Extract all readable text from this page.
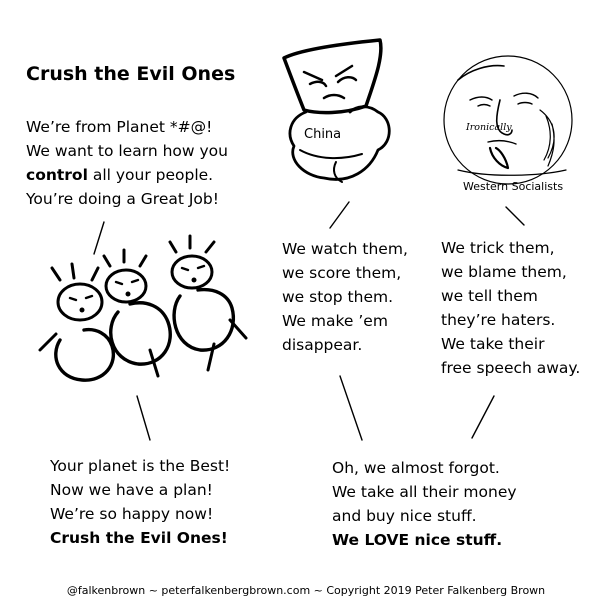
China	Ironically
Western Socialists
Crush the Evil Ones
We’re from Planet *#@!
We want to learn how you
control all your people.
You’re doing a Great Job!
We watch them,
we score them,
we stop them.
We make ’em
disappear.
We trick them,
we blame them,
we tell them
they’re haters.
We take their
free speech away.
Your planet is the Best!
Now we have a plan!
We’re so happy now!
Crush the Evil Ones!
Oh, we almost forgot.
We take all their money
and buy nice stuff.
We LOVE nice stuff.
@falkenbrown ~ peterfalkenbergbrown.com ~ Copyright 2019 Peter Falkenberg Brown
